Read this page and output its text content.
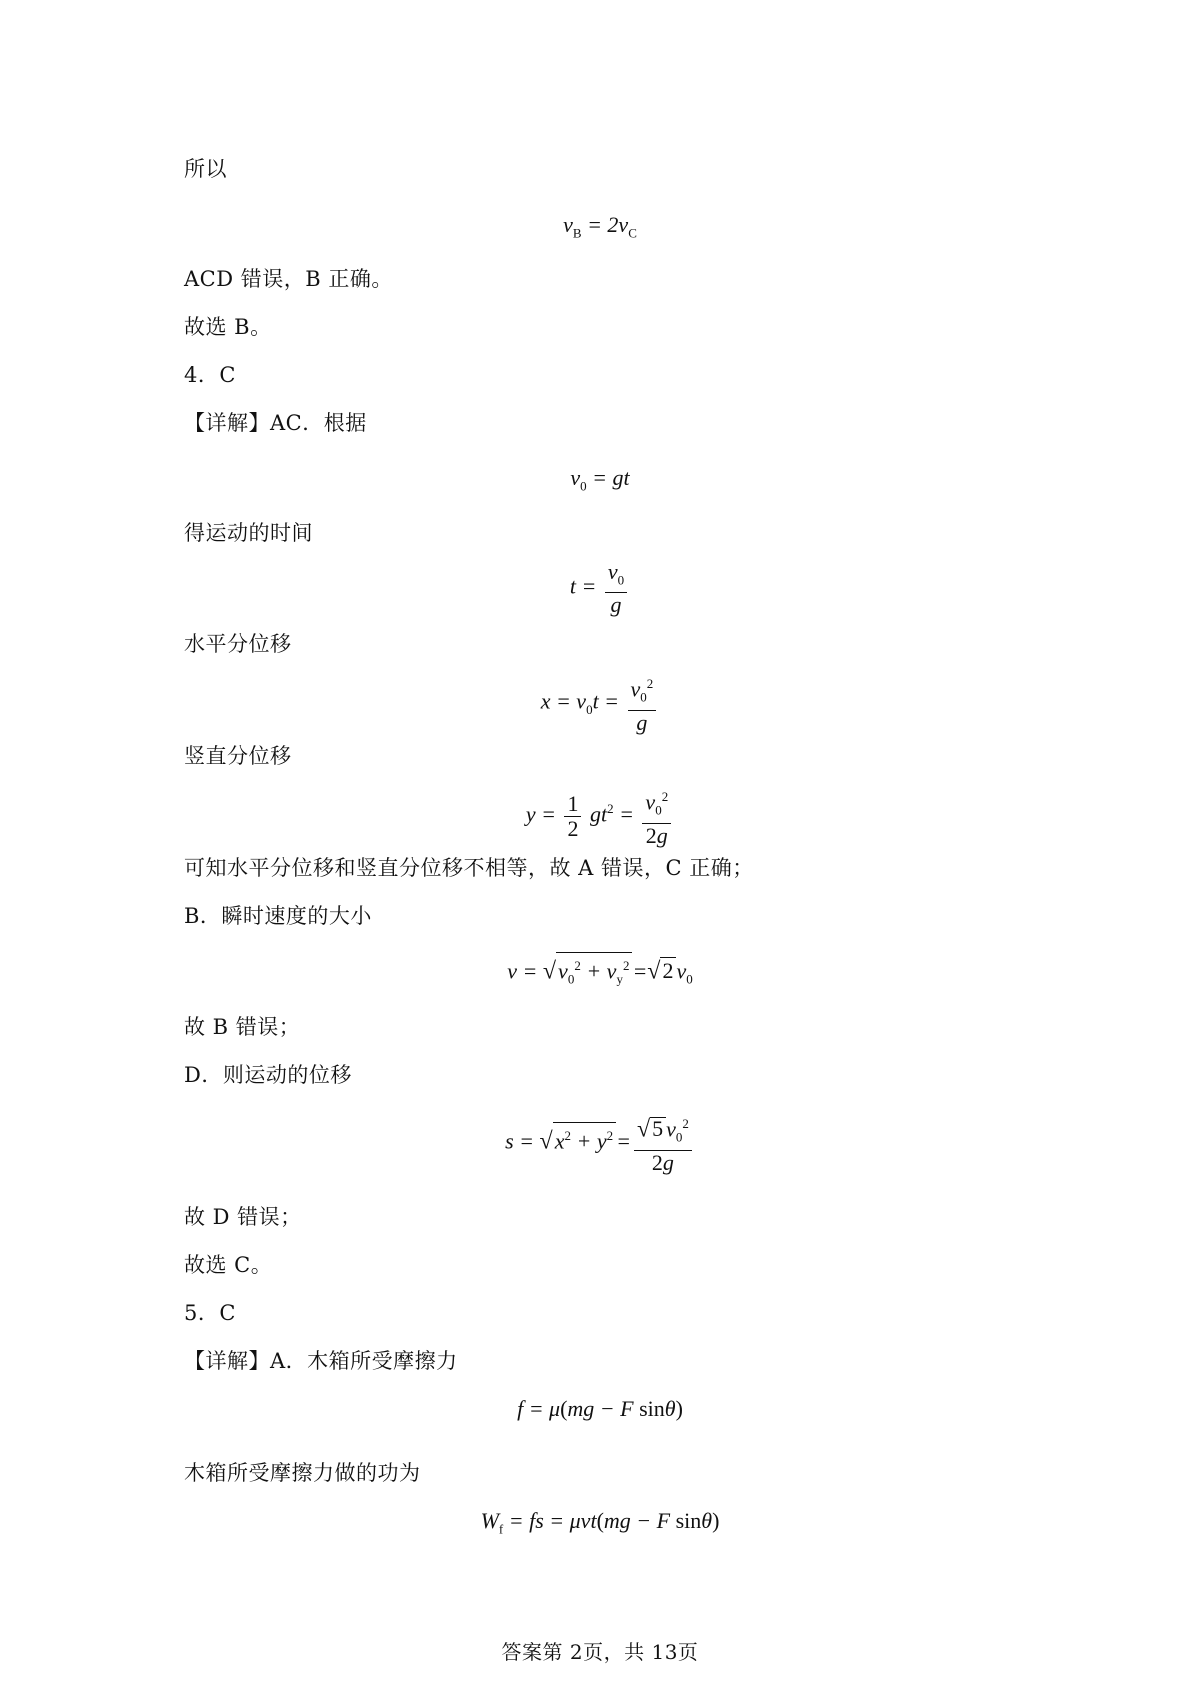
所以
$v_B = 2v_C$
ACD 错误，B 正确。
故选 B。
4．C
【详解】AC．根据
$v_0$ = gt
得运动的时间
$t = \frac{v_0}{g}$
水平分位移
$x = v_0t = \frac{v_0^2}{g}$
竖直分位移
$y = \frac{1}{2} gt^2 = \frac{v_0^2}{2g}$
可知水平分位移和竖直分位移不相等，故 A 错误，C 正确；
B．瞬时速度的大小
$v = √v_0^2 + v_y^2 =√2$ $v_0$
故 B 错误；
D．则运动的位移
$s = √x^2 + y^2 = \frac{√5 v_0^2}{2g}$
故 D 错误；
故选 C。
5．C
【详解】A．木箱所受摩擦力
f = μ(mg − F sinθ)
木箱所受摩擦力做的功为
$W_f$ = fs = μvt(mg − F sinθ)
答案第 2页，共 13页
